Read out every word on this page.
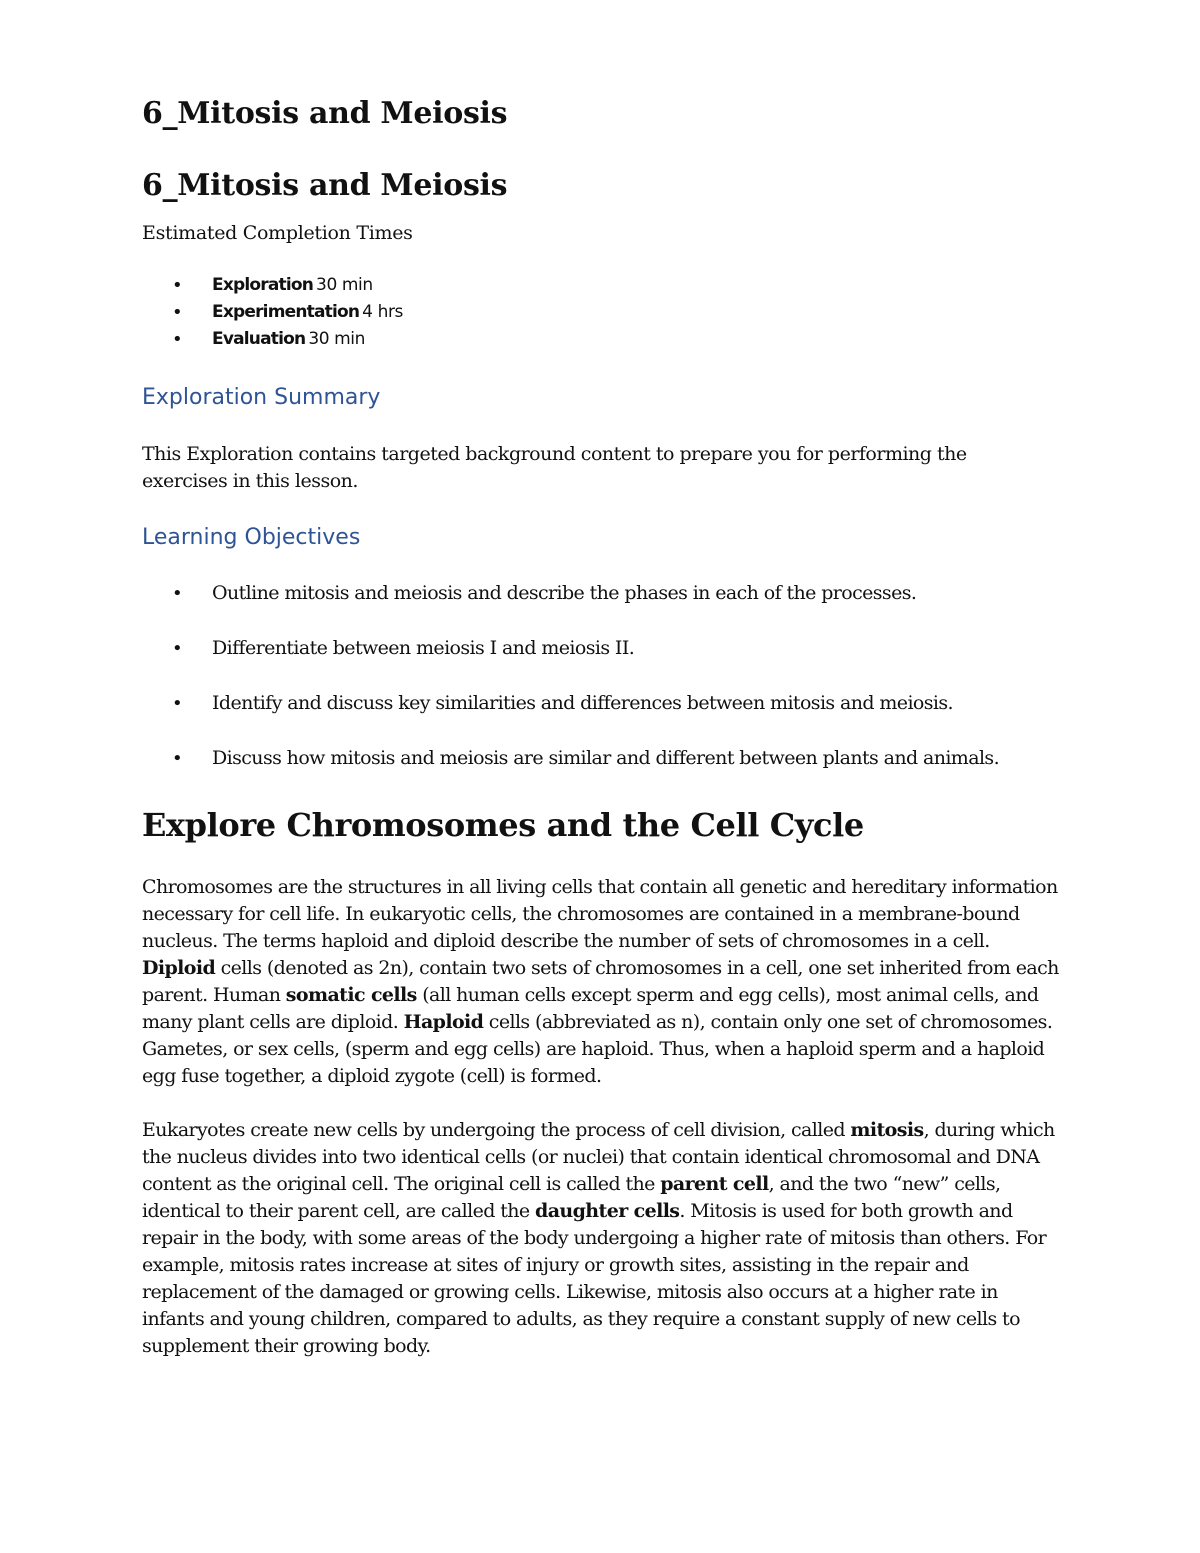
6_Mitosis and Meiosis
6_Mitosis and Meiosis

Estimated Completion Times

• Exploration 30 min
• Experimentation 4 hrs
• Evaluation 30 min
Exploration Summary

This Exploration contains targeted background content to prepare you for performing the
exercises in this lesson.

Learning Objectives
• Outline mitosis and meiosis and describe the phases in each of the processes.
• Differentiate between meiosis I and meiosis II.
• Identify and discuss key similarities and differences between mitosis and meiosis.
• Discuss how mitosis and meiosis are similar and different between plants and animals.
Explore Chromosomes and the Cell Cycle

Chromosomes are the structures in all living cells that contain all genetic and hereditary information necessary for cell life. In eukaryotic cells, the chromosomes are contained in a membrane-bound nucleus. The terms haploid and diploid describe the number of sets of chromosomes in a cell. Diploid cells (denoted as 2n), contain two sets of chromosomes in a cell, one set inherited from each parent. Human somatic cells (all human cells except sperm and egg cells), most animal cells, and many plant cells are diploid. Haploid cells (abbreviated as n), contain only one set of chromosomes. Gametes, or sex cells, (sperm and egg cells) are haploid. Thus, when a haploid sperm and a haploid egg fuse together, a diploid zygote (cell) is formed.

Eukaryotes create new cells by undergoing the process of cell division, called mitosis, during which the nucleus divides into two identical cells (or nuclei) that contain identical chromosomal and DNA content as the original cell. The original cell is called the parent cell, and the two “new” cells, identical to their parent cell, are called the daughter cells. Mitosis is used for both growth and repair in the body, with some areas of the body undergoing a higher rate of mitosis than others. For example, mitosis rates increase at sites of injury or growth sites, assisting in the repair and replacement of the damaged or growing cells. Likewise, mitosis also occurs at a higher rate in infants and young children, compared to adults, as they require a constant supply of new cells to supplement their growing body.
